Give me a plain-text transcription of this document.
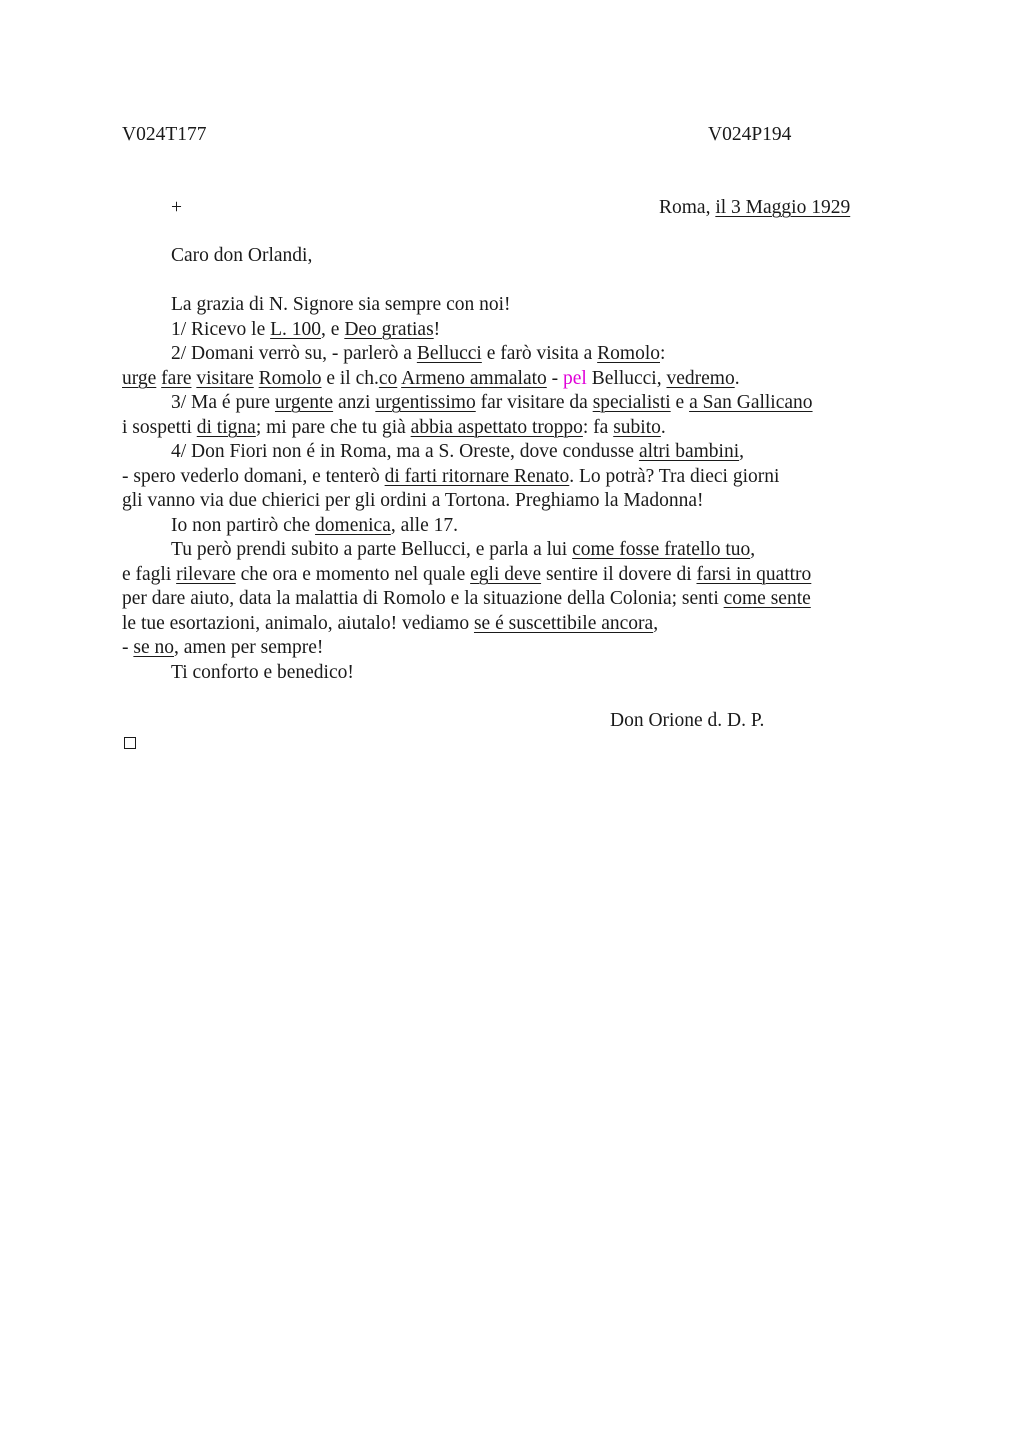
V024T177	V024P194
+	Roma, il 3 Maggio 1929
Caro don Orlandi,
La grazia di N. Signore sia sempre con noi!
1/ Ricevo le L. 100, e Deo gratias!
2/ Domani verrò su, - parlerò a Bellucci e farò visita a Romolo:
urge fare visitare Romolo e il ch.co Armeno ammalato - pel Bellucci, vedremo.
3/ Ma é pure urgente anzi urgentissimo far visitare da specialisti e a San Gallicano
i sospetti di tigna; mi pare che tu già abbia aspettato troppo: fa subito.
4/ Don Fiori non é in Roma, ma a S. Oreste, dove condusse altri bambini,
- spero vederlo domani, e tenterò di farti ritornare Renato. Lo potrà? Tra dieci giorni
gli vanno via due chierici per gli ordini a Tortona. Preghiamo la Madonna!
Io non partirò che domenica, alle 17.
Tu però prendi subito a parte Bellucci, e parla a lui come fosse fratello tuo,
e fagli rilevare che ora e momento nel quale egli deve sentire il dovere di farsi in quattro
per dare aiuto, data la malattia di Romolo e la situazione della Colonia; senti come sente
le tue esortazioni, animalo, aiutalo! vediamo se é suscettibile ancora,
- se no, amen per sempre!
Ti conforto e benedico!
Don Orione d. D. P.
